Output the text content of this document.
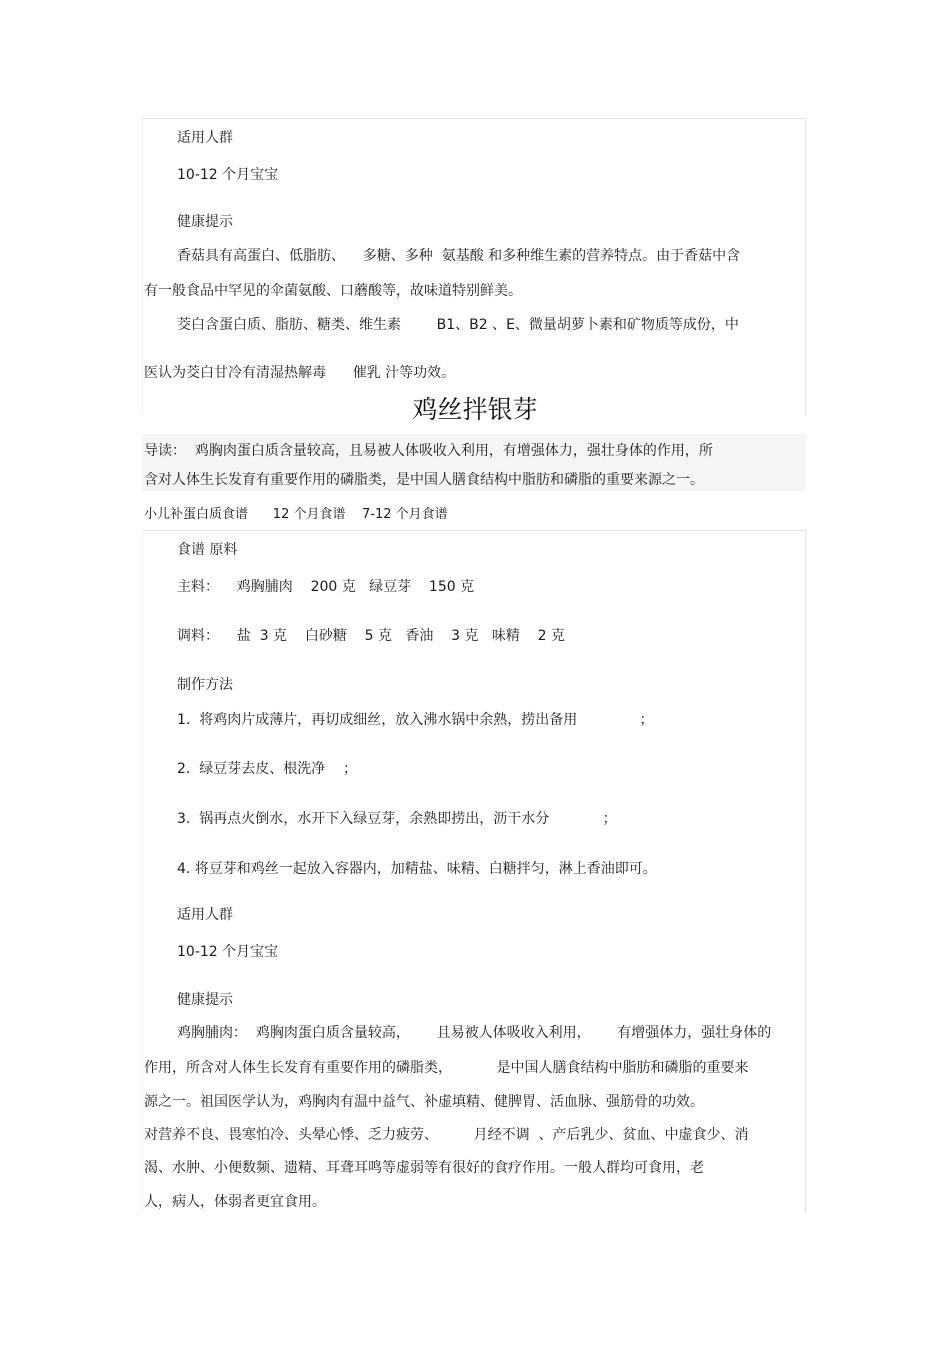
适用人群
10-12 个月宝宝
健康提示
香菇具有高蛋白、低脂肪、    多糖、多种  氨基酸 和多种维生素的营养特点。由于香菇中含
有一般食品中罕见的伞菌氨酸、口蘑酸等，故味道特别鲜美。
茭白含蛋白质、脂肪、糖类、维生素        B1、B2 、E、微量胡萝卜素和矿物质等成份，中
医认为茭白甘冷有清湿热解毒      催乳 汁等功效。
鸡丝拌银芽
导读：  鸡胸肉蛋白质含量较高，且易被人体吸收入利用，有增强体力，强壮身体的作用，所
含对人体生长发育有重要作用的磷脂类，是中国人膳食结构中脂肪和磷脂的重要来源之一。
小儿补蛋白质食谱      12 个月食谱    7-12 个月食谱
食谱 原料
主料：    鸡胸脯肉    200 克   绿豆芽    150 克
调料：    盐  3 克    白砂糖    5 克   香油    3 克   味精    2 克
制作方法
1.  将鸡肉片成薄片，再切成细丝，放入沸水锅中余熟，捞出备用              ；
2.  绿豆芽去皮、根洗净    ；
3.  锅再点火倒水，水开下入绿豆芽，余熟即捞出，沥干水分            ；
4. 将豆芽和鸡丝一起放入容器内，加精盐、味精、白糖拌匀，淋上香油即可。
适用人群
10-12 个月宝宝
健康提示
鸡胸脯肉：  鸡胸肉蛋白质含量较高，      且易被人体吸收入利用，      有增强体力，强壮身体的
作用，所含对人体生长发育有重要作用的磷脂类，          是中国人膳食结构中脂肪和磷脂的重要来
源之一。祖国医学认为，鸡胸肉有温中益气、补虚填精、健脾胃、活血脉、强筋骨的功效。
对营养不良、畏寒怕冷、头晕心悸、乏力疲劳、        月经不调  、产后乳少、贫血、中虚食少、消
渴、水肿、小便数频、遗精、耳聋耳鸣等虚弱等有很好的食疗作用。一般人群均可食用，老
人，病人，体弱者更宜食用。
